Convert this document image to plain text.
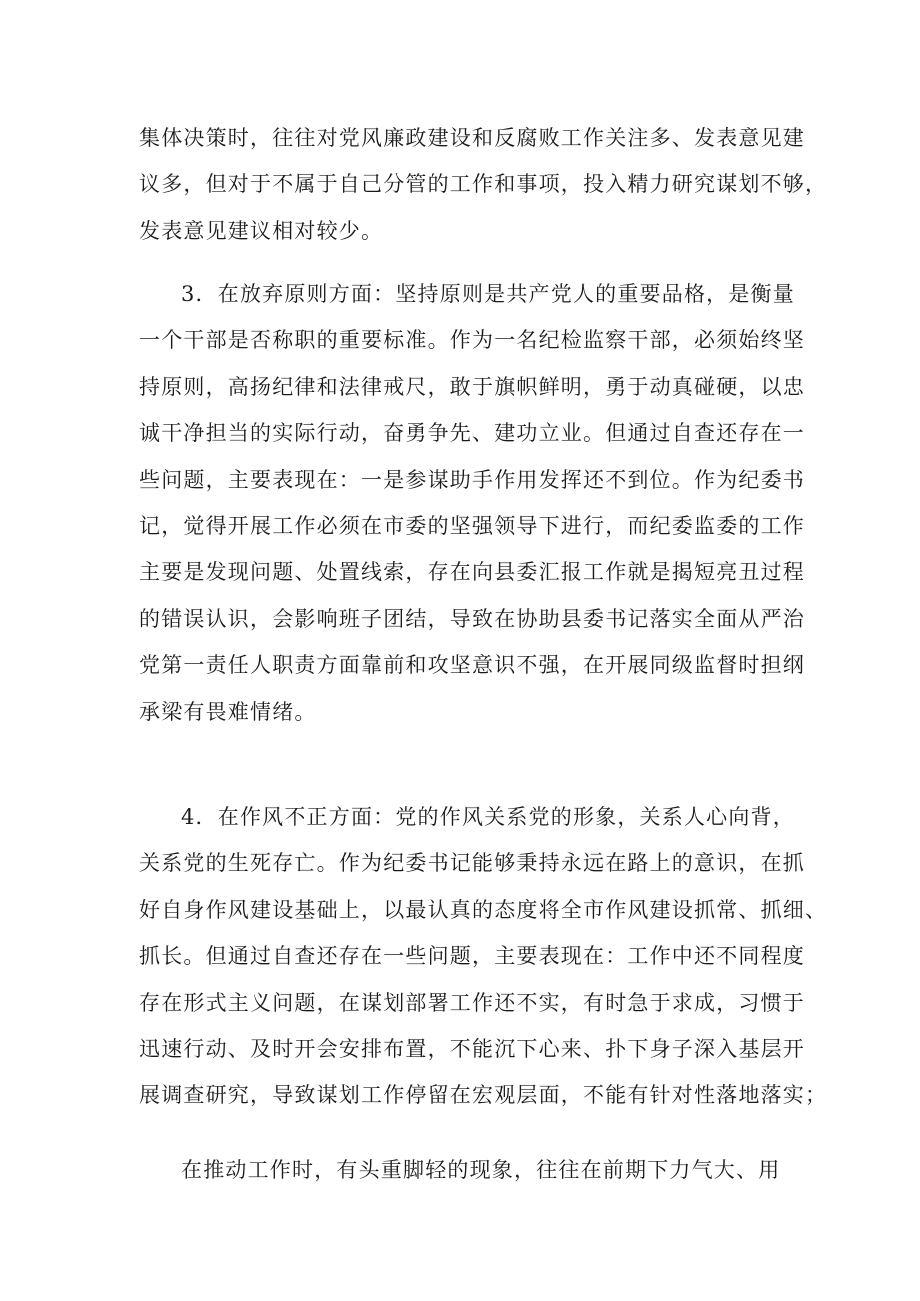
集体决策时，往往对党风廉政建设和反腐败工作关注多、发表意见建
议多，但对于不属于自己分管的工作和事项，投入精力研究谋划不够，
发表意见建议相对较少。
3．在放弃原则方面：坚持原则是共产党人的重要品格，是衡量
一个干部是否称职的重要标准。作为一名纪检监察干部，必须始终坚
持原则，高扬纪律和法律戒尺，敢于旗帜鲜明，勇于动真碰硬，以忠
诚干净担当的实际行动，奋勇争先、建功立业。但通过自查还存在一
些问题，主要表现在：一是参谋助手作用发挥还不到位。作为纪委书
记，觉得开展工作必须在市委的坚强领导下进行，而纪委监委的工作
主要是发现问题、处置线索，存在向县委汇报工作就是揭短亮丑过程
的错误认识，会影响班子团结，导致在协助县委书记落实全面从严治
党第一责任人职责方面靠前和攻坚意识不强，在开展同级监督时担纲
承梁有畏难情绪。
4．在作风不正方面：党的作风关系党的形象，关系人心向背，
关系党的生死存亡。作为纪委书记能够秉持永远在路上的意识，在抓
好自身作风建设基础上，以最认真的态度将全市作风建设抓常、抓细、
抓长。但通过自查还存在一些问题，主要表现在：工作中还不同程度
存在形式主义问题，在谋划部署工作还不实，有时急于求成，习惯于
迅速行动、及时开会安排布置，不能沉下心来、扑下身子深入基层开
展调查研究，导致谋划工作停留在宏观层面，不能有针对性落地落实；
在推动工作时，有头重脚轻的现象，往往在前期下力气大、用
